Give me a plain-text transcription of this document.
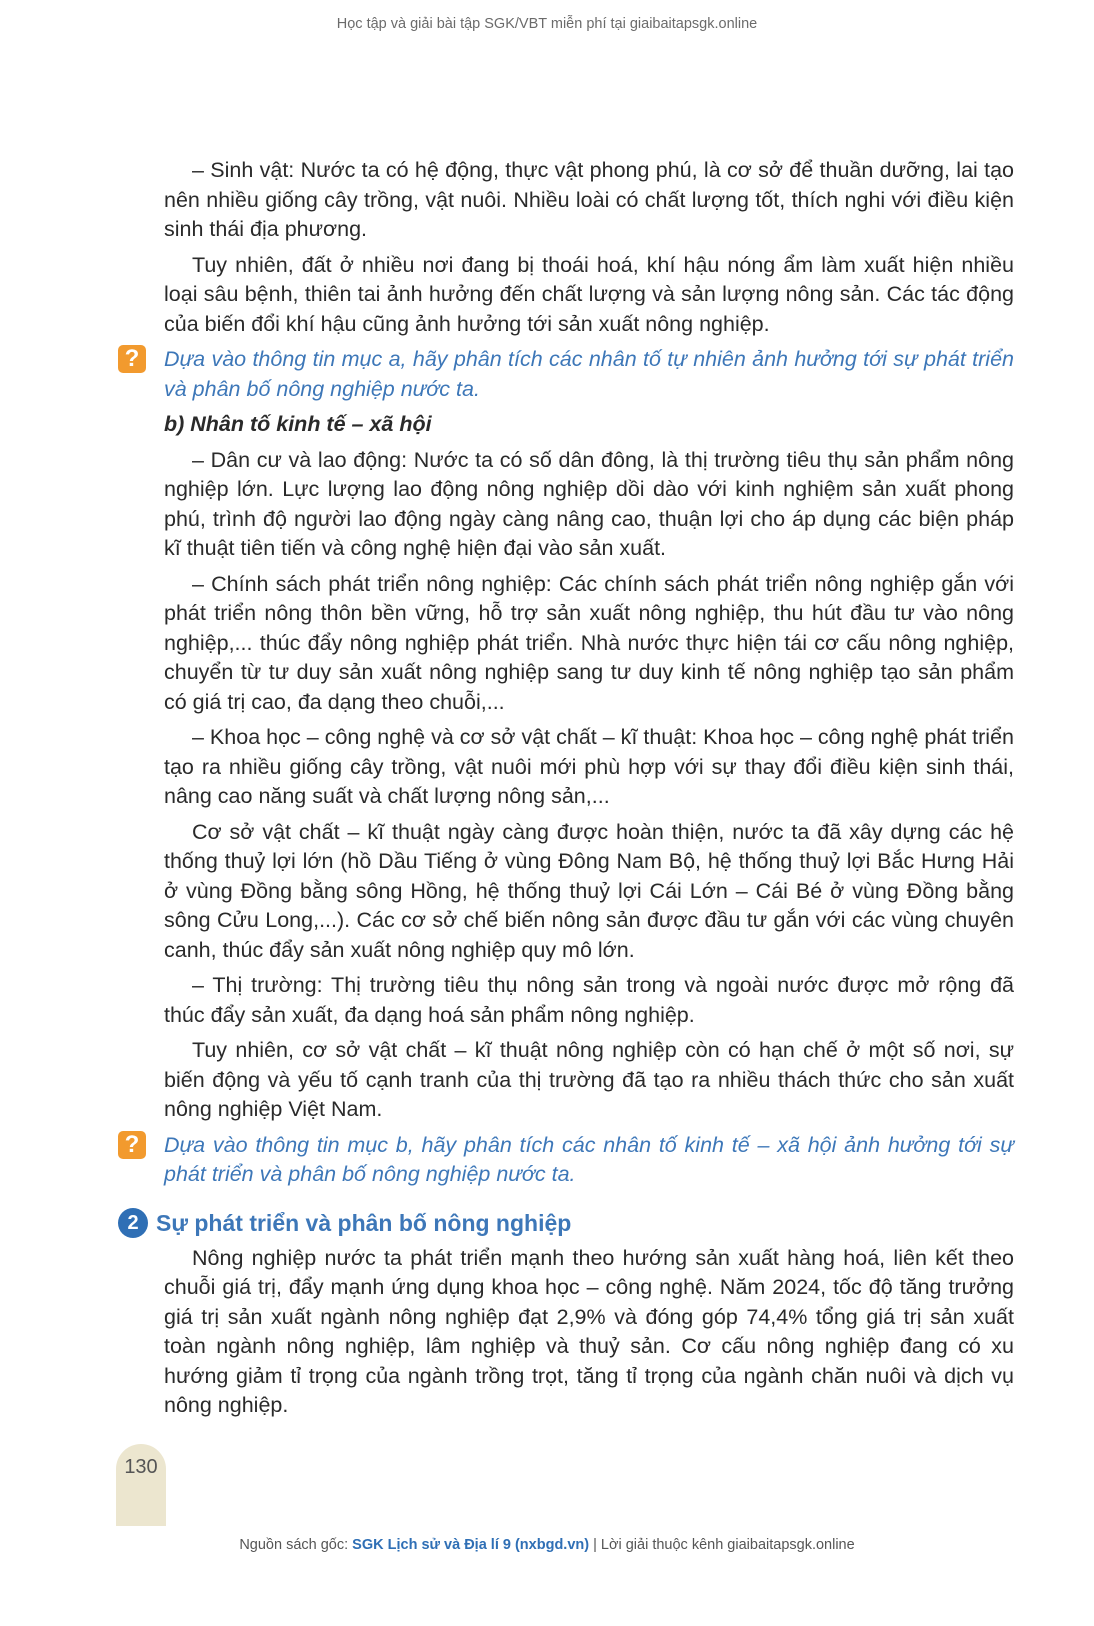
Học tập và giải bài tập SGK/VBT miễn phí tại giaibaitapsgk.online

– Sinh vật: Nước ta có hệ động, thực vật phong phú, là cơ sở để thuần dưỡng, lai tạo nên nhiều giống cây trồng, vật nuôi. Nhiều loài có chất lượng tốt, thích nghi với điều kiện sinh thái địa phương.

Tuy nhiên, đất ở nhiều nơi đang bị thoái hoá, khí hậu nóng ẩm làm xuất hiện nhiều loại sâu bệnh, thiên tai ảnh hưởng đến chất lượng và sản lượng nông sản. Các tác động của biến đổi khí hậu cũng ảnh hưởng tới sản xuất nông nghiệp.

?	Dựa vào thông tin mục a, hãy phân tích các nhân tố tự nhiên ảnh hưởng tới sự phát triển và phân bố nông nghiệp nước ta.
b) Nhân tố kinh tế – xã hội

– Dân cư và lao động: Nước ta có số dân đông, là thị trường tiêu thụ sản phẩm nông nghiệp lớn. Lực lượng lao động nông nghiệp dồi dào với kinh nghiệm sản xuất phong phú, trình độ người lao động ngày càng nâng cao, thuận lợi cho áp dụng các biện pháp kĩ thuật tiên tiến và công nghệ hiện đại vào sản xuất.

– Chính sách phát triển nông nghiệp: Các chính sách phát triển nông nghiệp gắn với phát triển nông thôn bền vững, hỗ trợ sản xuất nông nghiệp, thu hút đầu tư vào nông nghiệp,... thúc đẩy nông nghiệp phát triển. Nhà nước thực hiện tái cơ cấu nông nghiệp, chuyển từ tư duy sản xuất nông nghiệp sang tư duy kinh tế nông nghiệp tạo sản phẩm có giá trị cao, đa dạng theo chuỗi,...

– Khoa học – công nghệ và cơ sở vật chất – kĩ thuật: Khoa học – công nghệ phát triển tạo ra nhiều giống cây trồng, vật nuôi mới phù hợp với sự thay đổi điều kiện sinh thái, nâng cao năng suất và chất lượng nông sản,...

Cơ sở vật chất – kĩ thuật ngày càng được hoàn thiện, nước ta đã xây dựng các hệ thống thuỷ lợi lớn (hồ Dầu Tiếng ở vùng Đông Nam Bộ, hệ thống thuỷ lợi Bắc Hưng Hải ở vùng Đồng bằng sông Hồng, hệ thống thuỷ lợi Cái Lớn – Cái Bé ở vùng Đồng bằng sông Cửu Long,...). Các cơ sở chế biến nông sản được đầu tư gắn với các vùng chuyên canh, thúc đẩy sản xuất nông nghiệp quy mô lớn.

– Thị trường: Thị trường tiêu thụ nông sản trong và ngoài nước được mở rộng đã thúc đẩy sản xuất, đa dạng hoá sản phẩm nông nghiệp.

Tuy nhiên, cơ sở vật chất – kĩ thuật nông nghiệp còn có hạn chế ở một số nơi, sự biến động và yếu tố cạnh tranh của thị trường đã tạo ra nhiều thách thức cho sản xuất nông nghiệp Việt Nam.

?	Dựa vào thông tin mục b, hãy phân tích các nhân tố kinh tế – xã hội ảnh hưởng tới sự phát triển và phân bố nông nghiệp nước ta.
2 Sự phát triển và phân bố nông nghiệp

Nông nghiệp nước ta phát triển mạnh theo hướng sản xuất hàng hoá, liên kết theo chuỗi giá trị, đẩy mạnh ứng dụng khoa học – công nghệ. Năm 2024, tốc độ tăng trưởng giá trị sản xuất ngành nông nghiệp đạt 2,9% và đóng góp 74,4% tổng giá trị sản xuất toàn ngành nông nghiệp, lâm nghiệp và thuỷ sản. Cơ cấu nông nghiệp đang có xu hướng giảm tỉ trọng của ngành trồng trọt, tăng tỉ trọng của ngành chăn nuôi và dịch vụ nông nghiệp.

130
Nguồn sách gốc: SGK Lịch sử và Địa lí 9 (nxbgd.vn) | Lời giải thuộc kênh giaibaitapsgk.online
